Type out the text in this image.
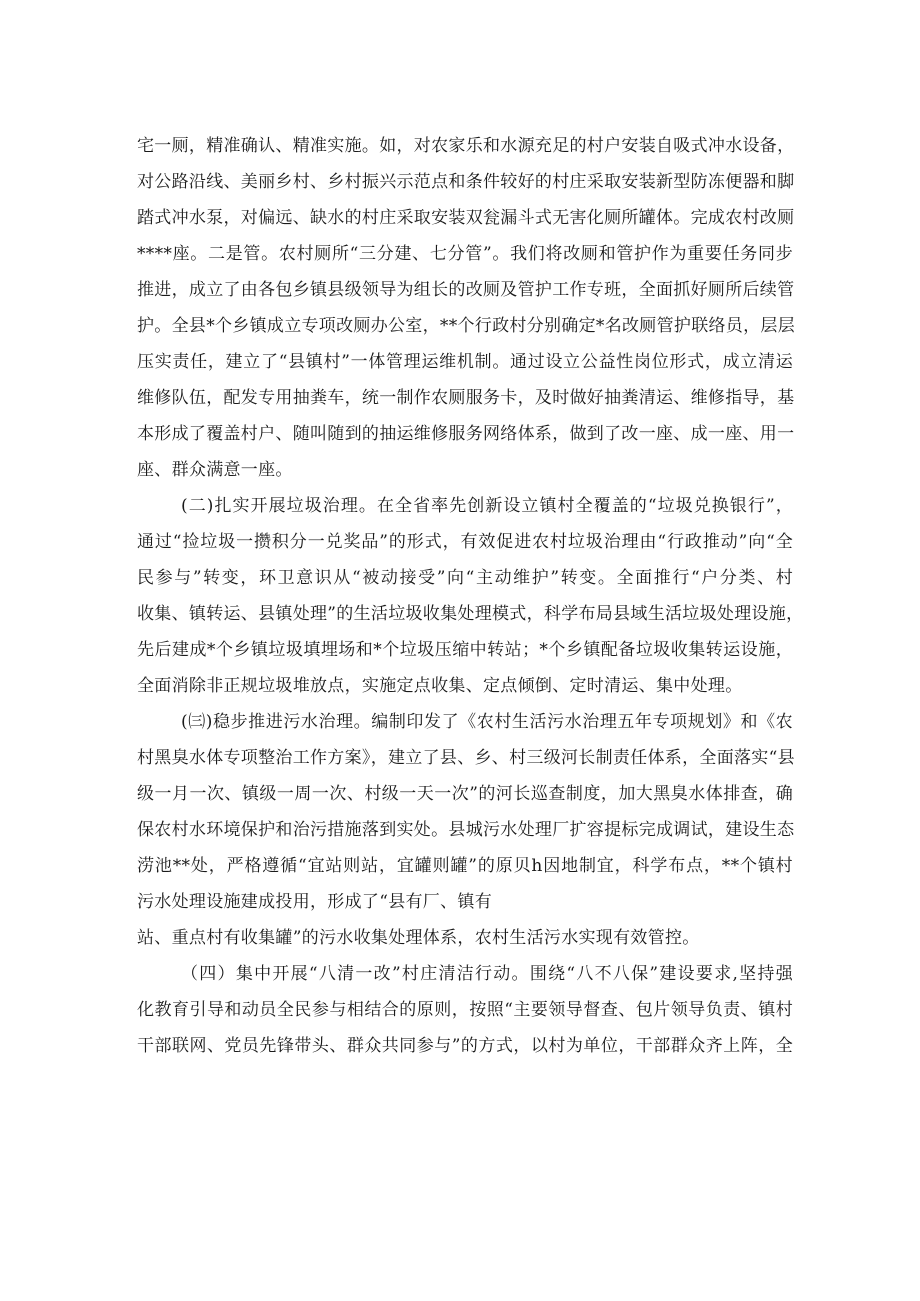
宅一厕，精准确认、精准实施。如，对农家乐和水源充足的村户安装自吸式冲水设备，
对公路沿线、美丽乡村、乡村振兴示范点和条件较好的村庄采取安装新型防冻便器和脚
踏式冲水泵，对偏远、缺水的村庄采取安装双瓮漏斗式无害化厕所罐体。完成农村改厕
****座。二是管。农村厕所“三分建、七分管”。我们将改厕和管护作为重要任务同步
推进，成立了由各包乡镇县级领导为组长的改厕及管护工作专班，全面抓好厕所后续管
护。全县*个乡镇成立专项改厕办公室，**个行政村分别确定*名改厕管护联络员，层层
压实责任，建立了“县镇村”一体管理运维机制。通过设立公益性岗位形式，成立清运
维修队伍，配发专用抽粪车，统一制作农厕服务卡，及时做好抽粪清运、维修指导，基
本形成了覆盖村户、随叫随到的抽运维修服务网络体系，做到了改一座、成一座、用一
座、群众满意一座。
(二)扎实开展垃圾治理。在全省率先创新设立镇村全覆盖的“垃圾兑换银行”，
通过“捡垃圾一攒积分一兑奖品”的形式，有效促进农村垃圾治理由“行政推动”向“全
民参与”转变，环卫意识从“被动接受”向“主动维护”转变。全面推行“户分类、村
收集、镇转运、县镇处理”的生活垃圾收集处理模式，科学布局县域生活垃圾处理设施，
先后建成*个乡镇垃圾填埋场和*个垃圾压缩中转站；*个乡镇配备垃圾收集转运设施，
全面消除非正规垃圾堆放点，实施定点收集、定点倾倒、定时清运、集中处理。
(㈢)稳步推进污水治理。编制印发了《农村生活污水治理五年专项规划》和《农
村黑臭水体专项整治工作方案》，建立了县、乡、村三级河长制责任体系，全面落实“县
级一月一次、镇级一周一次、村级一天一次”的河长巡查制度，加大黑臭水体排查，确
保农村水环境保护和治污措施落到实处。县城污水处理厂扩容提标完成调试，建设生态
涝池**处，严格遵循“宜站则站，宜罐则罐”的原贝h因地制宜，科学布点，**个镇村
污水处理设施建成投用，形成了“县有厂、镇有
站、重点村有收集罐”的污水收集处理体系，农村生活污水实现有效管控。
（四）集中开展“八清一改”村庄清洁行动。围绕“八不八保”建设要求,坚持强
化教育引导和动员全民参与相结合的原则，按照“主要领导督查、包片领导负责、镇村
干部联网、党员先锋带头、群众共同参与”的方式，以村为单位，干部群众齐上阵，全
